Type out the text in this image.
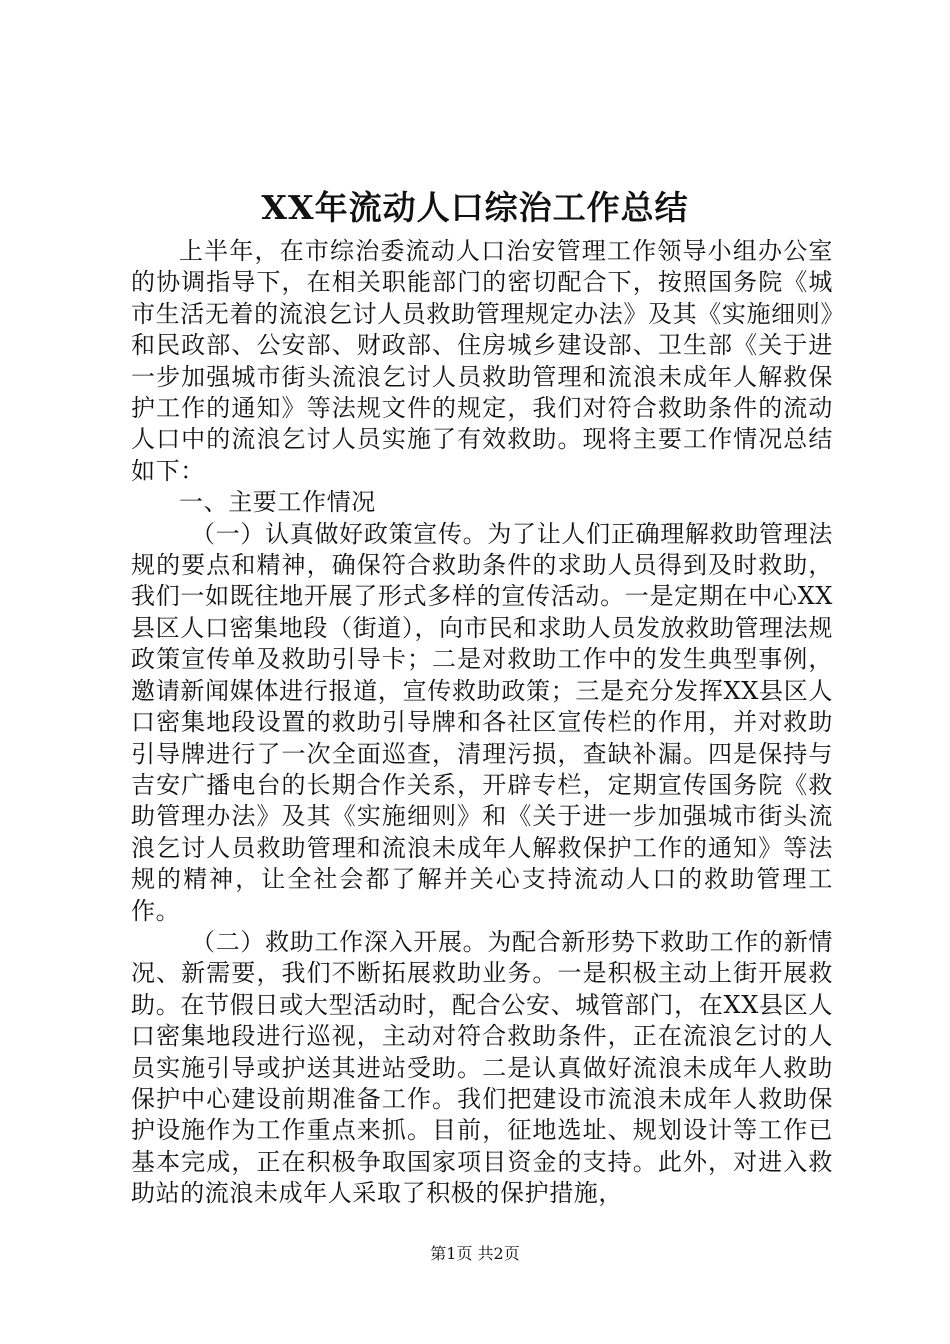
XX年流动人口综治工作总结

上半年，在市综治委流动人口治安管理工作领导小组办公室的协调指导下，在相关职能部门的密切配合下，按照国务院《城市生活无着的流浪乞讨人员救助管理规定办法》及其《实施细则》和民政部、公安部、财政部、住房城乡建设部、卫生部《关于进一步加强城市街头流浪乞讨人员救助管理和流浪未成年人解救保护工作的通知》等法规文件的规定，我们对符合救助条件的流动人口中的流浪乞讨人员实施了有效救助。现将主要工作情况总结如下：

一、主要工作情况

（一）认真做好政策宣传。为了让人们正确理解救助管理法规的要点和精神，确保符合救助条件的求助人员得到及时救助，我们一如既往地开展了形式多样的宣传活动。一是定期在中心XX县区人口密集地段（街道），向市民和求助人员发放救助管理法规政策宣传单及救助引导卡；二是对救助工作中的发生典型事例，邀请新闻媒体进行报道，宣传救助政策；三是充分发挥XX县区人口密集地段设置的救助引导牌和各社区宣传栏的作用，并对救助引导牌进行了一次全面巡查，清理污损，查缺补漏。四是保持与吉安广播电台的长期合作关系，开辟专栏，定期宣传国务院《救助管理办法》及其《实施细则》和《关于进一步加强城市街头流浪乞讨人员救助管理和流浪未成年人解救保护工作的通知》等法规的精神，让全社会都了解并关心支持流动人口的救助管理工作。

（二）救助工作深入开展。为配合新形势下救助工作的新情况、新需要，我们不断拓展救助业务。一是积极主动上街开展救助。在节假日或大型活动时，配合公安、城管部门，在XX县区人口密集地段进行巡视，主动对符合救助条件，正在流浪乞讨的人员实施引导或护送其进站受助。二是认真做好流浪未成年人救助保护中心建设前期准备工作。我们把建设市流浪未成年人救助保护设施作为工作重点来抓。目前，征地选址、规划设计等工作已基本完成，正在积极争取国家项目资金的支持。此外，对进入救助站的流浪未成年人采取了积极的保护措施，

第1页 共2页
